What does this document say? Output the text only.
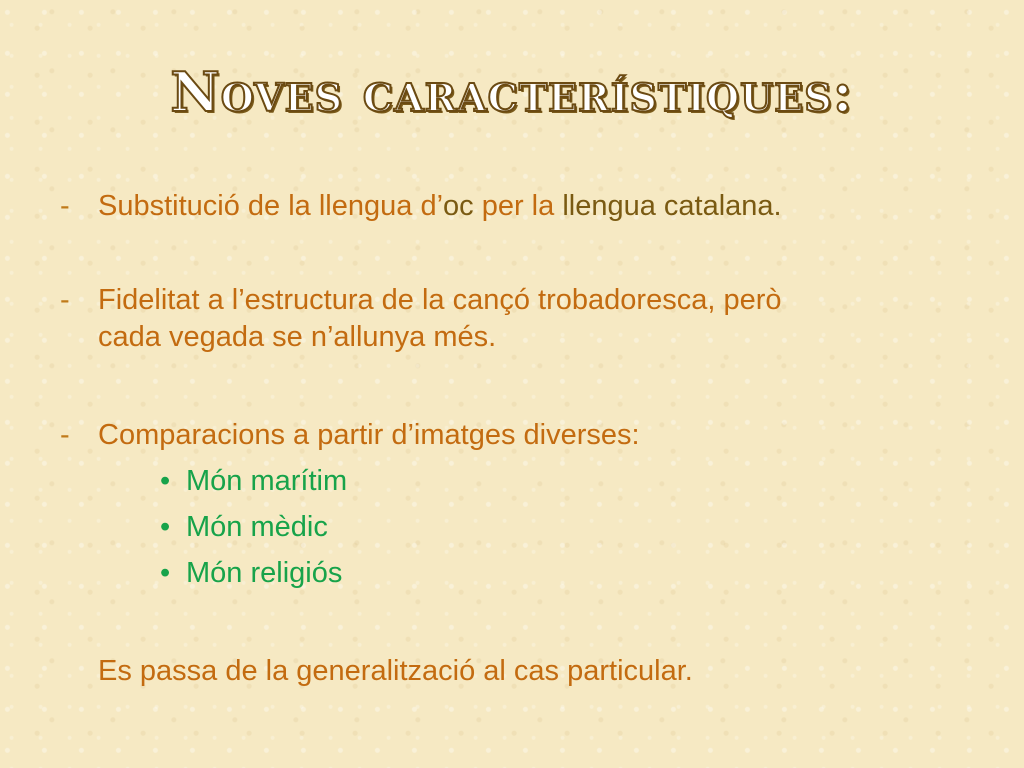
Noves característiques:
- Substitució de la llengua d’oc per la llengua catalana.
- Fidelitat a l’estructura de la cançó trobadoresca, però
cada vegada se n’allunya més.
- Comparacions a partir d’imatges diverses:
• Món marítim
• Món mèdic
• Món religiós
Es passa de la generalització al cas particular.
